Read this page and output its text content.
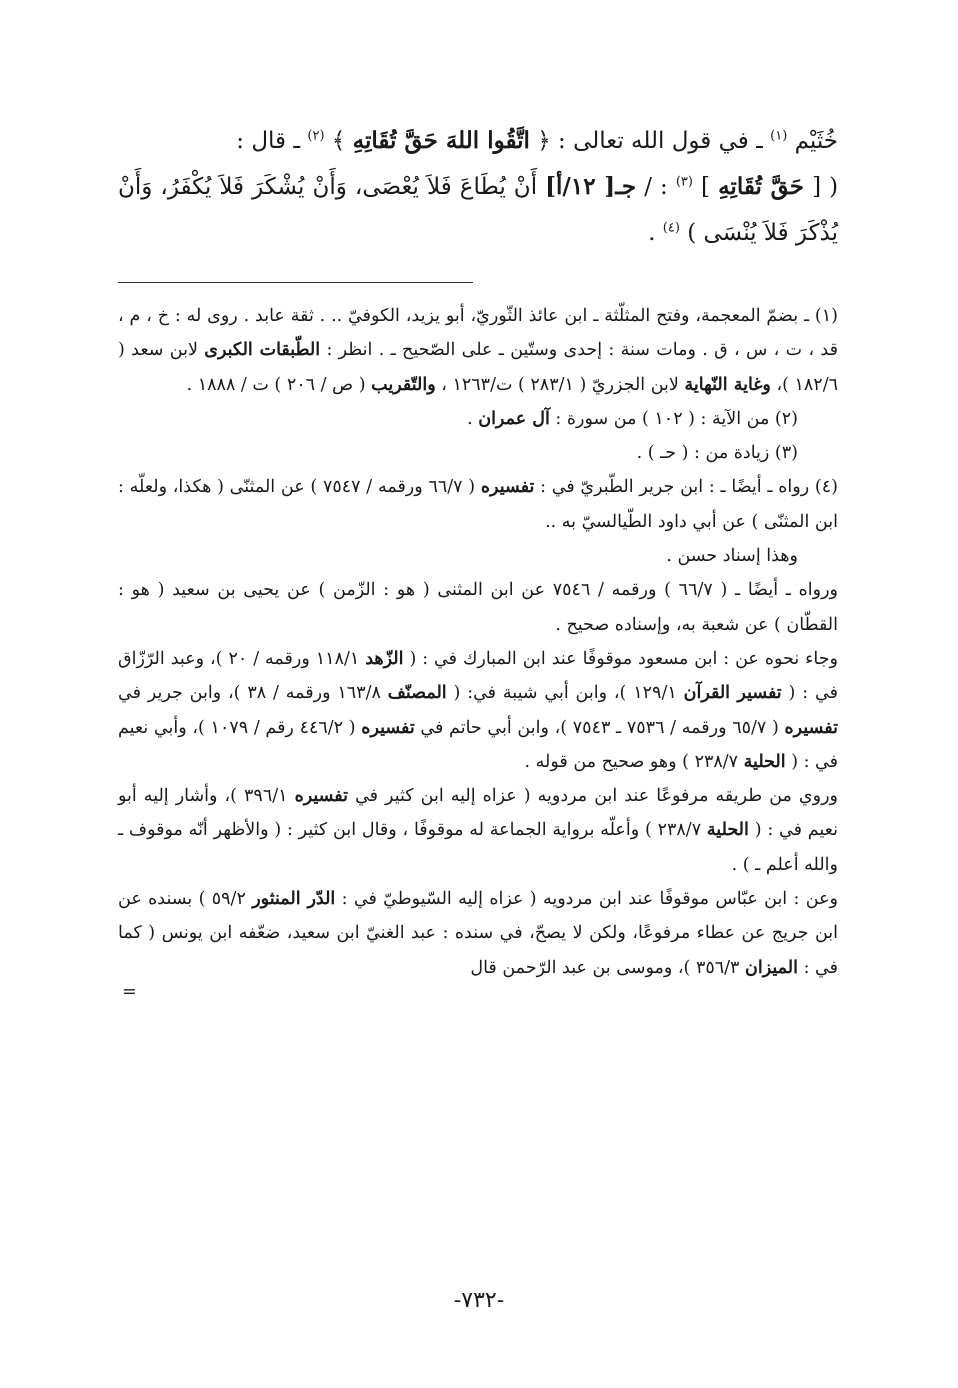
خُثَيْم $^{(١)}$ ـ في قول الله تعالى : ﴿ اتَّقُوا اللهَ حَقَّ تُقَاتِهِ ﴾ $^{(٢)}$ ـ قال :
( [ حَقَّ تُقَاتِهِ ] $^{(٣)}$ : / جـ[ ١٢/أ] أَنْ يُطَاعَ فَلاَ يُعْصَى، وَأَنْ يُشْكَرَ فَلاَ يُكْفَرُ، وَأَنْ يُذْكَرَ فَلاَ يُنْسَى ) $^{(٤)}$ .

(١) ـ بضمّ المعجمة، وفتح المثلّثة ـ ابن عائذ الثّوريّ، أبو يزيد، الكوفيّ .. . ثقة عابد . روى له : خ ، م ، قد ، ت ، س ، ق . ومات سنة : إحدى وستّين ـ على الصّحيح ـ . انظر : الطّبقات الكبرى لابن سعد ( ١٨٢/٦ )، وغاية النّهاية لابن الجزريّ ( ٢٨٣/١ ) ت/١٢٦٣ ، والتّقريب ( ص / ٢٠٦ ) ت / ١٨٨٨ .

(٢) من الآية : ( ١٠٢ ) من سورة : آل عمران .

(٣) زيادة من : ( حـ ) .

(٤) رواه ـ أيضًا ـ : ابن جرير الطّبريّ في : تفسيره ( ٦٦/٧ ورقمه / ٧٥٤٧ ) عن المثنّى ( هكذا، ولعلّه : ابن المثنّى ) عن أبي داود الطّيالسيّ به ..

وهذا إسناد حسن .

ورواه ـ أيضًا ـ ( ٦٦/٧ ) ورقمه / ٧٥٤٦ عن ابن المثنى ( هو : الزّمن ) عن يحيى بن سعيد ( هو : القطّان ) عن شعبة به، وإسناده صحيح .

وجاء نحوه عن : ابن مسعود موقوفًا عند ابن المبارك في : ( الزّهد ١١٨/١ ورقمه / ٢٠ )، وعبد الرّزّاق في : ( تفسير القرآن ١٢٩/١ )، وابن أبي شيبة في: ( المصنّف ١٦٣/٨ ورقمه / ٣٨ )، وابن جرير في تفسيره ( ٦٥/٧ ورقمه / ٧٥٣٦ ـ ٧٥٤٣ )، وابن أبي حاتم في تفسيره ( ٤٤٦/٢ رقم / ١٠٧٩ )، وأبي نعيم في : ( الحلية ٢٣٨/٧ ) وهو صحيح من قوله .

وروي من طريقه مرفوعًا عند ابن مردويه ( عزاه إليه ابن كثير في تفسيره ٣٩٦/١ )، وأشار إليه أبو نعيم في : ( الحلية ٢٣٨/٧ ) وأعلّه برواية الجماعة له موقوفًا ، وقال ابن كثير : ( والأظهر أنّه موقوف ـ والله أعلم ـ ) .

وعن : ابن عبّاس موقوفًا عند ابن مردويه ( عزاه إليه السّيوطيّ في : الدّر المنثور ٥٩/٢ ) بسنده عن ابن جريج عن عطاء مرفوعًا، ولكن لا يصحّ، في سنده : عبد الغنيّ ابن سعيد، ضعّفه ابن يونس ( كما في : الميزان ٣٥٦/٣ )، وموسى بن عبد الرّحمن قال

=

-٧٣٢-
